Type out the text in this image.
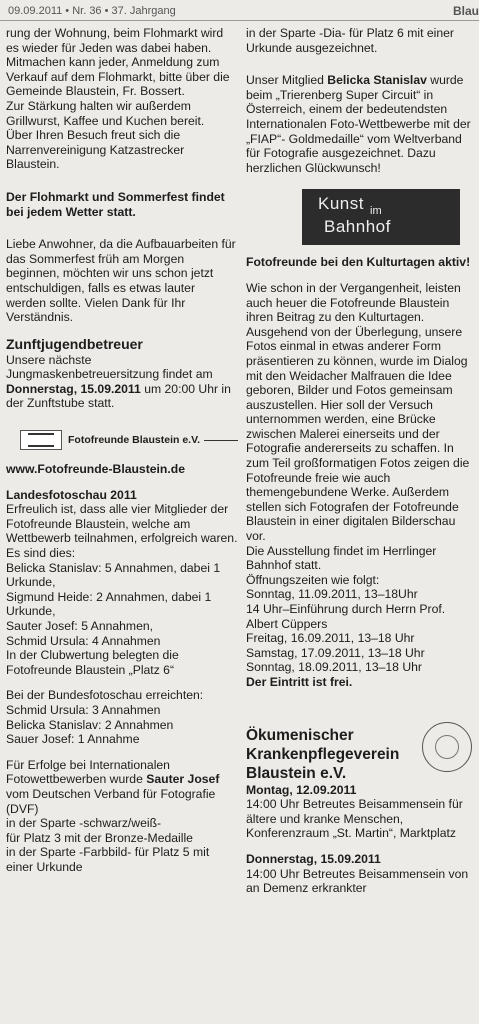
09.09.2011 • Nr. 36 • 37. Jahrgang	Blau

rung der Wohnung, beim Flohmarkt wird es wieder für Jeden was dabei haben. Mitmachen kann jeder, Anmeldung zum Verkauf auf dem Flohmarkt, bitte über die Gemeinde Blaustein, Fr. Bossert.

Zur Stärkung halten wir außerdem Grillwurst, Kaffee und Kuchen bereit.

Über Ihren Besuch freut sich die Narrenvereinigung Katzastrecker Blaustein.

Der Flohmarkt und Sommerfest findet bei jedem Wetter statt.

Liebe Anwohner, da die Aufbauarbeiten für das Sommerfest früh am Morgen beginnen, möchten wir uns schon jetzt entschuldigen, falls es etwas lauter werden sollte. Vielen Dank für Ihr Verständnis.

Zunftjugendbetreuer

Unsere nächste Jungmaskenbetreuersitzung findet am Donnerstag, 15.09.2011 um 20:00 Uhr in der Zunftstube statt.

Fotofreunde Blaustein e.V.

www.Fotofreunde-Blaustein.de

Landesfotoschau 2011

Erfreulich ist, dass alle vier Mitglieder der Fotofreunde Blaustein, welche am Wettbewerb teilnahmen, erfolgreich waren.

Es sind dies:

Belicka Stanislav: 5 Annahmen, dabei 1 Urkunde,

Sigmund Heide: 2 Annahmen, dabei 1 Urkunde,

Sauter Josef: 5 Annahmen,

Schmid Ursula: 4 Annahmen

In der Clubwertung belegten die Fotofreunde Blaustein „Platz 6“

Bei der Bundesfotoschau erreichten:

Schmid Ursula: 3 Annahmen

Belicka Stanislav: 2 Annahmen

Sauer Josef: 1 Annahme

Für Erfolge bei Internationalen Fotowettbewerben wurde Sauter Josef vom Deutschen Verband für Fotografie (DVF)

in der Sparte -schwarz/weiß-

für Platz 3 mit der Bronze-Medaille

in der Sparte -Farbbild- für Platz 5 mit einer Urkunde

in der Sparte -Dia- für Platz 6 mit einer Urkunde ausgezeichnet.

Unser Mitglied Belicka Stanislav wurde beim „Trierenberg Super Circuit“ in Österreich, einem der bedeutendsten Internationalen Foto-Wettbewerbe mit der „FIAP“- Goldmedaille“ vom Weltverband für Fotografie ausgezeichnet. Dazu herzlichen Glückwunsch!

Kunst im
Bahnhof

Fotofreunde bei den Kulturtagen aktiv!

Wie schon in der Vergangenheit, leisten auch heuer die Fotofreunde Blaustein ihren Beitrag zu den Kulturtagen. Ausgehend von der Überlegung, unsere Fotos einmal in etwas anderer Form präsentieren zu können, wurde im Dialog mit den Weidacher Malfrauen die Idee geboren, Bilder und Fotos gemeinsam auszustellen. Hier soll der Versuch unternommen werden, eine Brücke zwischen Malerei einerseits und der Fotografie andererseits zu schaffen. In zum Teil großformatigen Fotos zeigen die Fotofreunde freie wie auch themengebundene Werke. Außerdem stellen sich Fotografen der Fotofreunde Blaustein in einer digitalen Bilderschau vor.

Die Ausstellung findet im Herrlinger Bahnhof statt.

Öffnungszeiten wie folgt:

Sonntag, 11.09.2011, 13–18Uhr

14 Uhr–Einführung durch Herrn Prof. Albert Cüppers

Freitag, 16.09.2011, 13–18 Uhr

Samstag, 17.09.2011, 13–18 Uhr

Sonntag, 18.09.2011, 13–18 Uhr

Der Eintritt ist frei.

Ökumenischer Krankenpflegeverein Blaustein e.V.

Montag, 12.09.2011

14:00 Uhr Betreutes Beisammensein für ältere und kranke Menschen, Konferenzraum „St. Martin“, Marktplatz

Donnerstag, 15.09.2011

14:00 Uhr Betreutes Beisammensein von an Demenz erkrankter
